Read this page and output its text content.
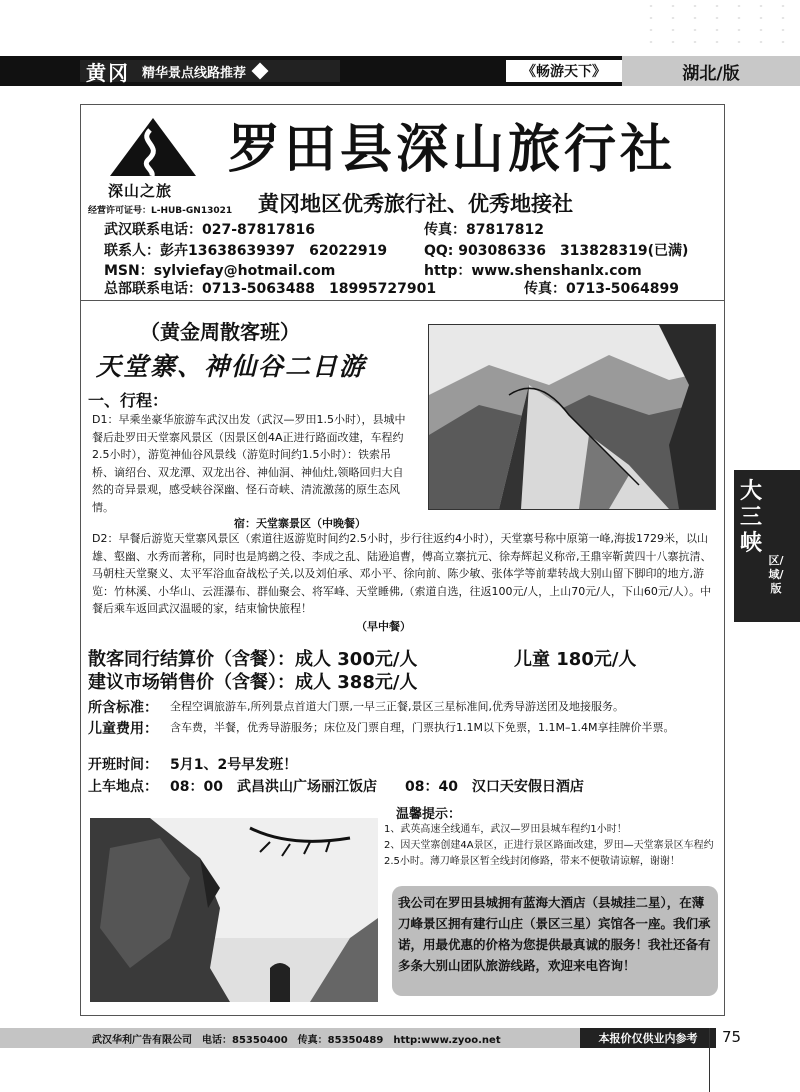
黄冈 精华景点线路推荐	《畅游天下》	湖北/版
深山之旅
经营许可证号：L-HUB-GN13021
罗田县深山旅行社
黄冈地区优秀旅行社、优秀地接社
武汉联系电话：027-87817816	传真：87817812
联系人：彭卉13638639397　62022919	QQ: 903086336　313828319(已满)
MSN：sylviefay@hotmail.com	http：www.shenshanlx.com
总部联系电话：0713-5063488　18995727901	传真：0713-5064899
（黄金周散客班）
天堂寨、神仙谷二日游
一、行程：
D1：早乘坐豪华旅游车武汉出发（武汉—罗田1.5小时），县城中餐后赴罗田天堂寨风景区（因景区创4A正进行路面改建，车程约2.5小时），游览神仙谷风景线（游览时间约1.5小时）：铁索吊桥、谪绍台、双龙潭、双龙出谷、神仙洞、神仙灶,领略回归大自然的奇异景观，感受峡谷深幽、怪石奇峡、清流激荡的原生态风情。
宿：天堂寨景区（中晚餐）
D2：早餐后游览天堂寨风景区（索道往返游览时间约2.5小时，步行往返约4小时），天堂寨号称中原第一峰,海拔1729米，以山雄、壑幽、水秀而著称，同时也是鸠鹚之役、李成之乱、陆逊追曹，傅高立寨抗元、徐寿辉起义称帝,王鼎宰靳黄四十八寨抗清、马朝柱天堂聚义、太平军浴血奋战松子关,以及刘伯承、邓小平、徐向前、陈少敏、张体学等前辈转战大别山留下脚印的地方,游览：竹林溪、小华山、云涯瀑布、群仙聚会、将军峰、天堂睡佛,（索道自选，往返100元/人，上山70元/人，下山60元/人）。中餐后乘车返回武汉温暖的家，结束愉快旅程！
（早中餐）
散客同行结算价（含餐）：成人 300元/人	儿童 180元/人
建议市场销售价（含餐）：成人 388元/人
所含标准： 全程空调旅游车,所列景点首道大门票,一早三正餐,景区三星标准间,优秀导游送团及地接服务。
儿童费用： 含车费，半餐，优秀导游服务；床位及门票自理，门票执行1.1M以下免票，1.1M–1.4M享挂牌价半票。
开班时间： 5月1、2号早发班！
上车地点： 08：00　武昌洪山广场丽江饭店　　08：40　汉口天安假日酒店
温馨提示：
1、武英高速全线通车，武汉—罗田县城车程约1小时！
2、因天堂寨创建4A景区，正进行景区路面改建，罗田—天堂寨景区车程约2.5小时。薄刀峰景区暂全线封闭修路，带来不便敬请谅解，谢谢！
我公司在罗田县城拥有蓝海大酒店（县城挂二星），在薄刀峰景区拥有建行山庄（景区三星）宾馆各一座。我们承诺，用最优惠的价格为您提供最真诚的服务！我社还备有多条大别山团队旅游线路，欢迎来电咨询！
大三峡
区/域/版
武汉华利广告有限公司　电话：85350400　传真：85350489　http:www.zyoo.net	本报价仅供业内参考	75
